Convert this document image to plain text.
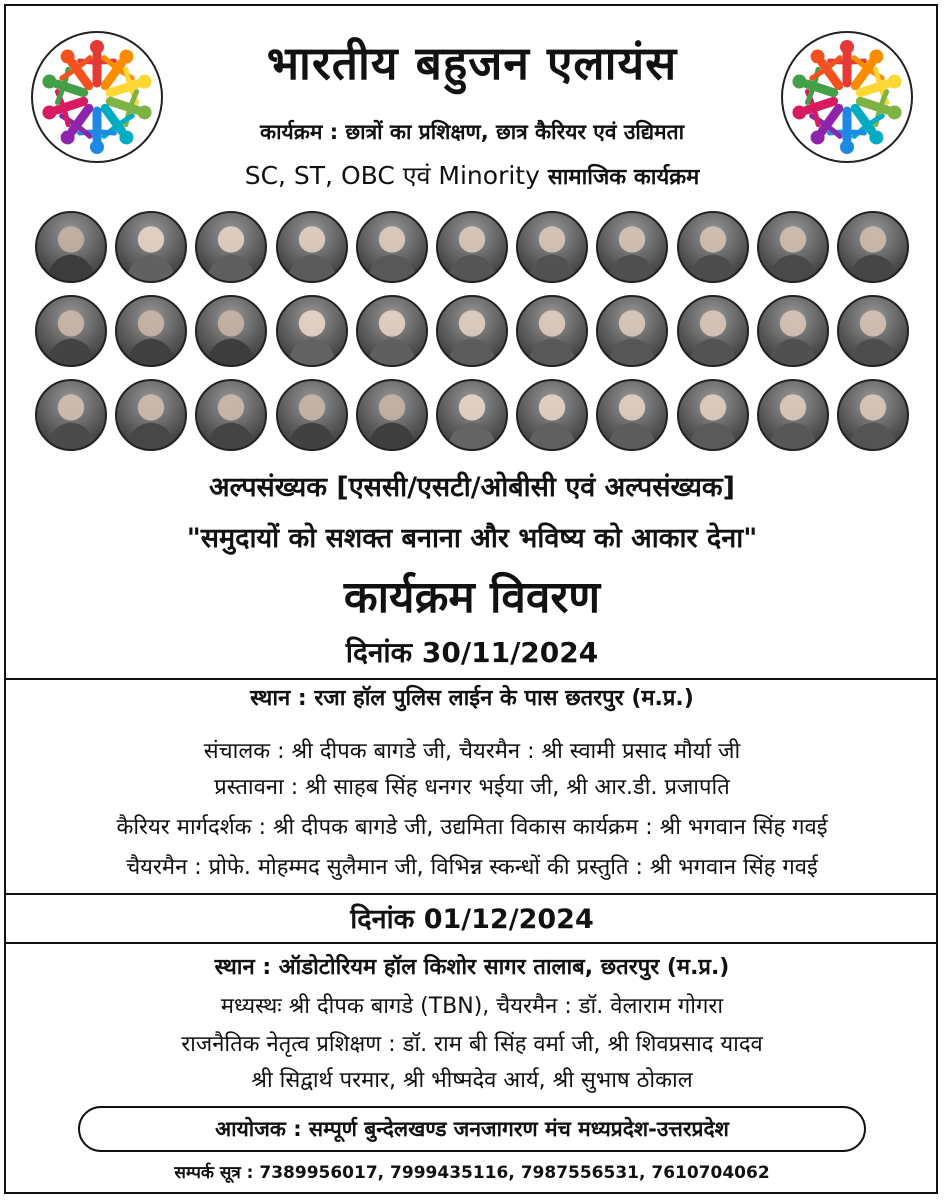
भारतीय बहुजन एलायंस
कार्यक्रम : छात्रों का प्रशिक्षण, छात्र कैरियर एवं उद्यिमता
SC, ST, OBC एवं Minority सामाजिक कार्यक्रम
अल्पसंख्यक [एससी/एसटी/ओबीसी एवं अल्पसंख्यक]
"समुदायों को सशक्त बनाना और भविष्य को आकार देना"
कार्यक्रम विवरण
दिनांक 30/11/2024
स्थान : रजा हॉल पुलिस लाईन के पास छतरपुर (म.प्र.)
संचालक : श्री दीपक बागडे जी, चैयरमैन : श्री स्वामी प्रसाद मौर्या जी
प्रस्तावना : श्री साहब सिंह धनगर भईया जी, श्री आर.डी. प्रजापति
कैरियर मार्गदर्शक : श्री दीपक बागडे जी, उद्यमिता विकास कार्यक्रम : श्री भगवान सिंह गवई
चैयरमैन : प्रोफे. मोहम्मद सुलैमान जी, विभिन्न स्कन्धों की प्रस्तुति : श्री भगवान सिंह गवई
दिनांक 01/12/2024
स्थान : ऑडोटोरियम हॉल किशोर सागर तालाब, छतरपुर (म.प्र.)
मध्यस्थः श्री दीपक बागडे (TBN), चैयरमैन : डॉ. वेलाराम गोगरा
राजनैतिक नेतृत्व प्रशिक्षण : डॉ. राम बी सिंह वर्मा जी, श्री शिवप्रसाद यादव
श्री सिद्वार्थ परमार, श्री भीष्मदेव आर्य, श्री सुभाष ठोकाल
आयोजक : सम्पूर्ण बुन्देलखण्ड जनजागरण मंच मध्यप्रदेश-उत्तरप्रदेश
सम्पर्क सूत्र : 7389956017, 7999435116, 7987556531, 7610704062
